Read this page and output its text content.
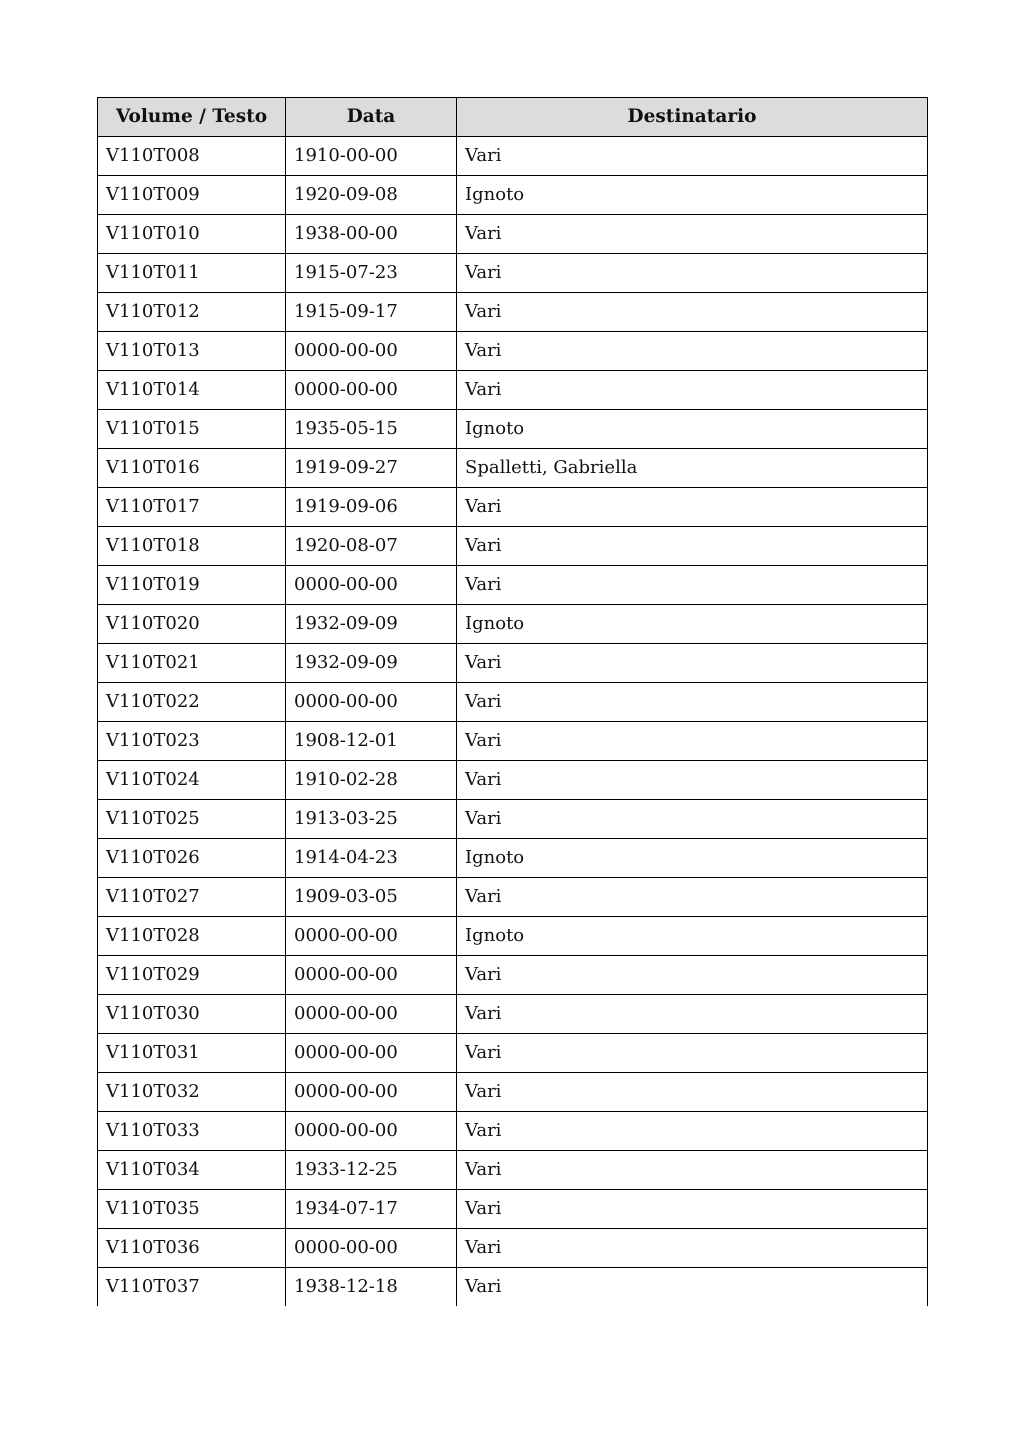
Volume / Testo	Data	Destinatario
V110T008	1910-00-00	Vari
V110T009	1920-09-08	Ignoto
V110T010	1938-00-00	Vari
V110T011	1915-07-23	Vari
V110T012	1915-09-17	Vari
V110T013	0000-00-00	Vari
V110T014	0000-00-00	Vari
V110T015	1935-05-15	Ignoto
V110T016	1919-09-27	Spalletti, Gabriella
V110T017	1919-09-06	Vari
V110T018	1920-08-07	Vari
V110T019	0000-00-00	Vari
V110T020	1932-09-09	Ignoto
V110T021	1932-09-09	Vari
V110T022	0000-00-00	Vari
V110T023	1908-12-01	Vari
V110T024	1910-02-28	Vari
V110T025	1913-03-25	Vari
V110T026	1914-04-23	Ignoto
V110T027	1909-03-05	Vari
V110T028	0000-00-00	Ignoto
V110T029	0000-00-00	Vari
V110T030	0000-00-00	Vari
V110T031	0000-00-00	Vari
V110T032	0000-00-00	Vari
V110T033	0000-00-00	Vari
V110T034	1933-12-25	Vari
V110T035	1934-07-17	Vari
V110T036	0000-00-00	Vari
V110T037	1938-12-18	Vari
